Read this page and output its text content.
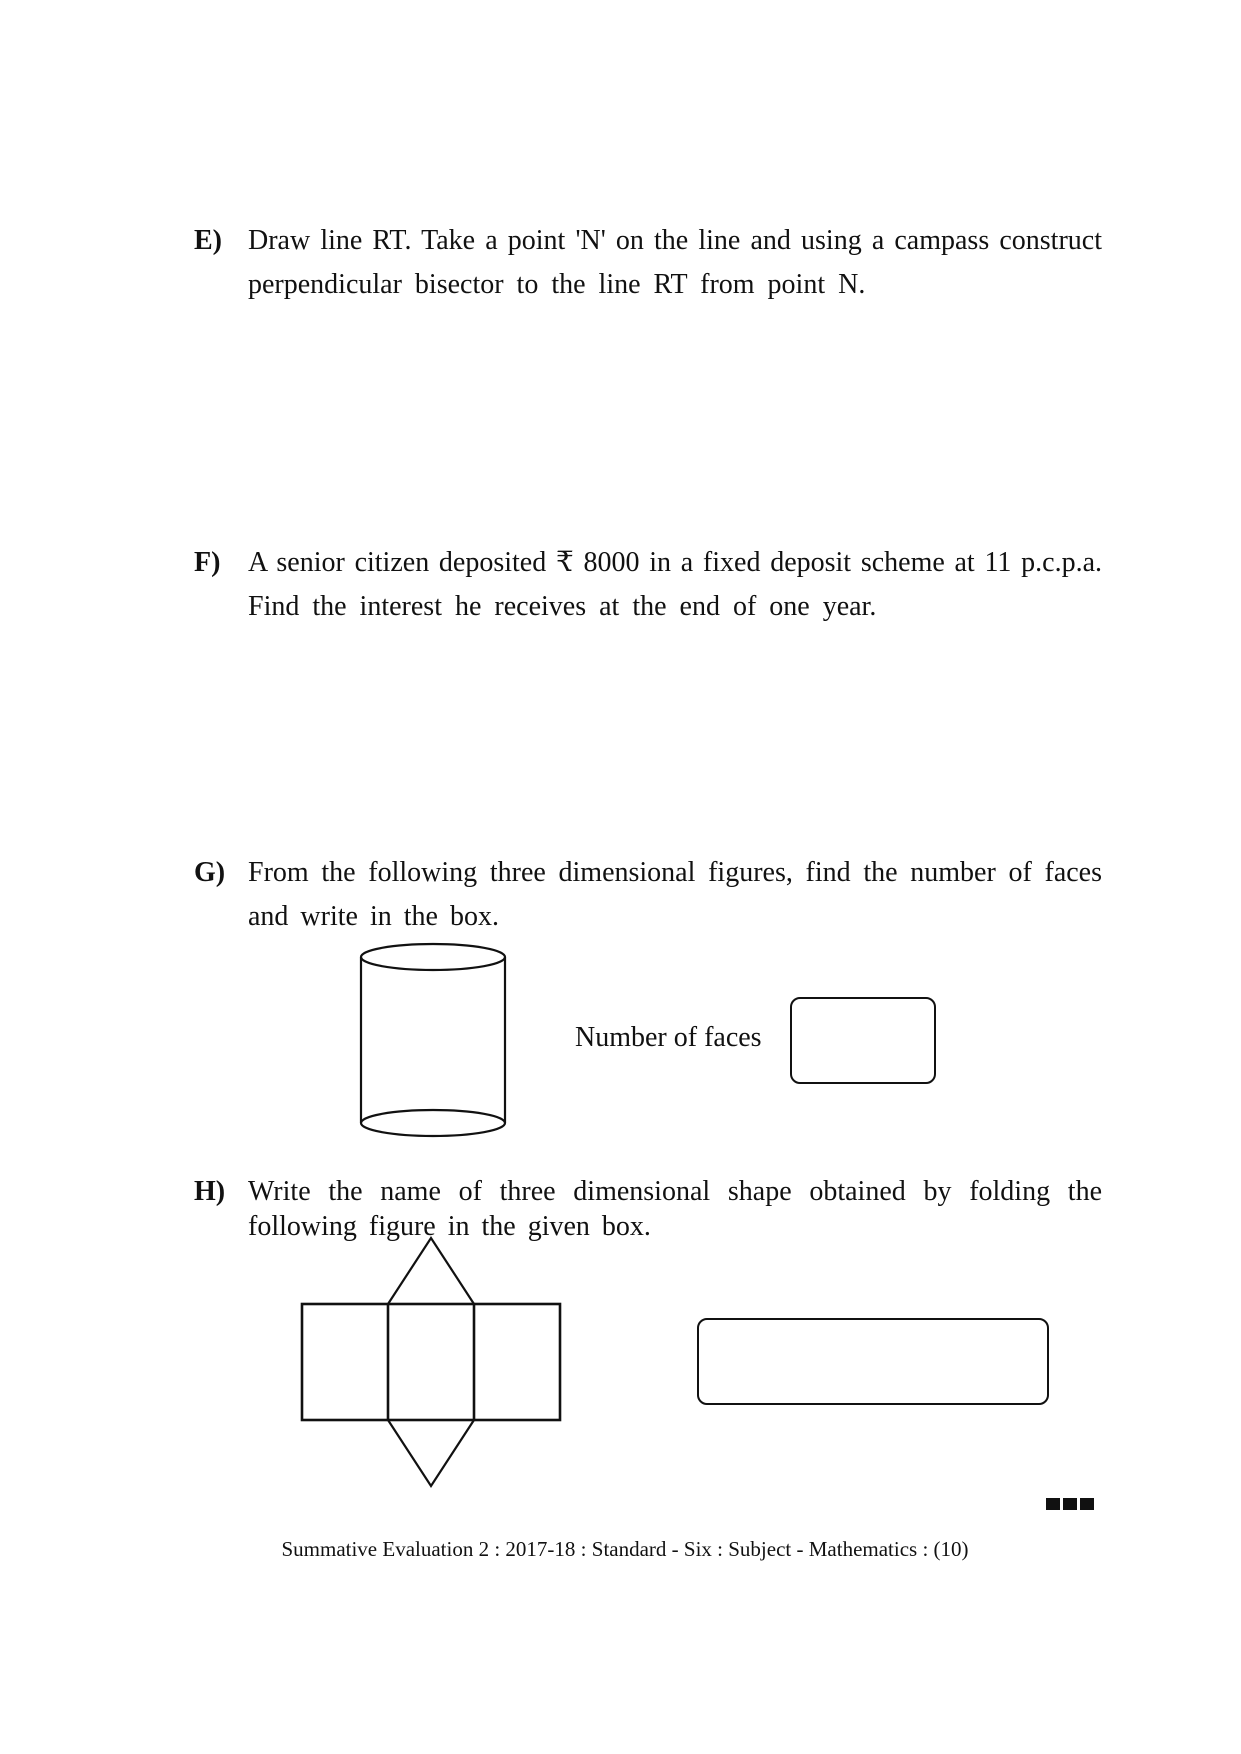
E) Draw line RT. Take a point 'N' on the line and using a campass construct
perpendicular bisector to the line RT from point N.
F) A senior citizen deposited ₹ 8000 in a fixed deposit scheme at 11 p.c.p.a.
Find the interest he receives at the end of one year.
G) From the following three dimensional figures, find the number of faces
and write in the box.
Number of faces
H) Write the name of three dimensional shape obtained by folding the
following figure in the given box.
Summative Evaluation 2 : 2017-18 : Standard - Six : Subject - Mathematics : (10)
